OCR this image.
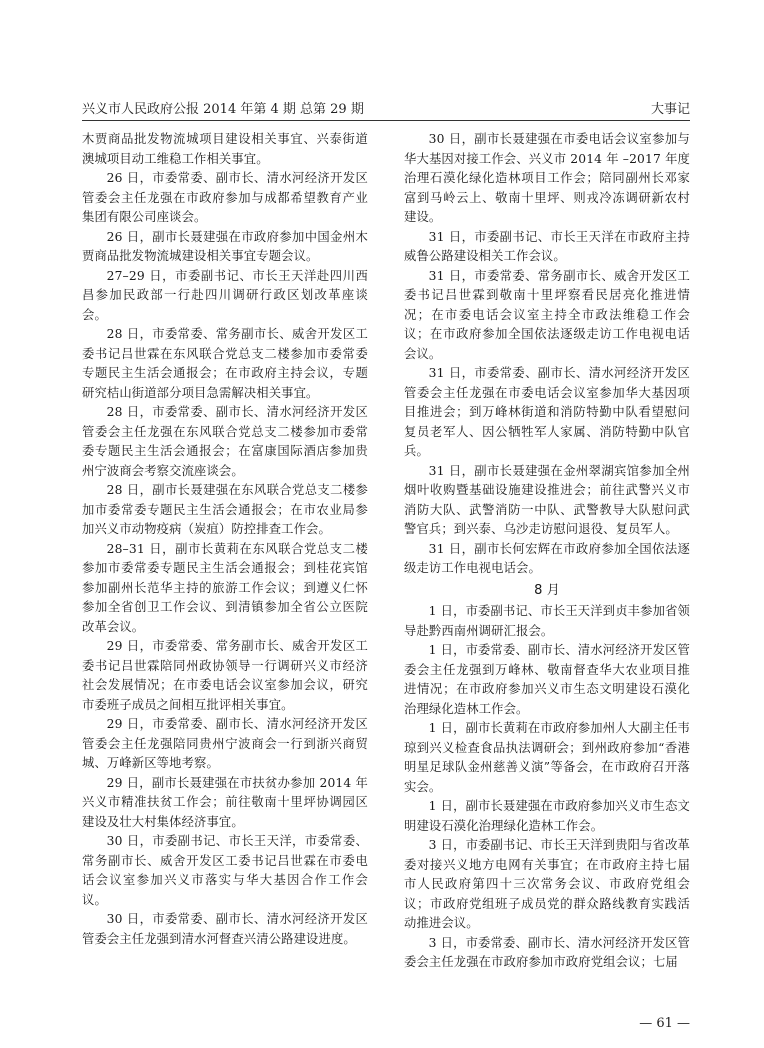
兴义市人民政府公报 2014 年第 4 期 总第 29 期	大事记

木贾商品批发物流城项目建设相关事宜、兴泰街道澳城项目动工维稳工作相关事宜。

26 日，市委常委、副市长、清水河经济开发区管委会主任龙强在市政府参加与成都希望教育产业集团有限公司座谈会。

26 日，副市长聂建强在市政府参加中国金州木贾商品批发物流城建设相关事宜专题会议。

27–29 日，市委副书记、市长王天洋赴四川西昌参加民政部一行赴四川调研行政区划改革座谈会。

28 日，市委常委、常务副市长、威舍开发区工委书记吕世霖在东风联合党总支二楼参加市委常委专题民主生活会通报会；在市政府主持会议，专题研究桔山街道部分项目急需解决相关事宜。

28 日，市委常委、副市长、清水河经济开发区管委会主任龙强在东风联合党总支二楼参加市委常委专题民主生活会通报会；在富康国际酒店参加贵州宁波商会考察交流座谈会。

28 日，副市长聂建强在东风联合党总支二楼参加市委常委专题民主生活会通报会；在市农业局参加兴义市动物疫病（炭疽）防控排查工作会。

28–31 日，副市长黄莉在东风联合党总支二楼参加市委常委专题民主生活会通报会；到桂花宾馆参加副州长范华主持的旅游工作会议；到遵义仁怀参加全省创卫工作会议、到清镇参加全省公立医院改革会议。

29 日，市委常委、常务副市长、威舍开发区工委书记吕世霖陪同州政协领导一行调研兴义市经济社会发展情况；在市委电话会议室参加会议，研究市委班子成员之间相互批评相关事宜。

29 日，市委常委、副市长、清水河经济开发区管委会主任龙强陪同贵州宁波商会一行到浙兴商贸城、万峰新区等地考察。

29 日，副市长聂建强在市扶贫办参加 2014 年兴义市精准扶贫工作会；前往敬南十里坪协调园区建设及壮大村集体经济事宜。

30 日，市委副书记、市长王天洋，市委常委、常务副市长、威舍开发区工委书记吕世霖在市委电话会议室参加兴义市落实与华大基因合作工作会议。

30 日，市委常委、副市长、清水河经济开发区管委会主任龙强到清水河督查兴清公路建设进度。

30 日，副市长聂建强在市委电话会议室参加与华大基因对接工作会、兴义市 2014 年 –2017 年度治理石漠化绿化造林项目工作会；陪同副州长邓家富到马岭云上、敬南十里坪、则戎冷冻调研新农村建设。

31 日，市委副书记、市长王天洋在市政府主持威鲁公路建设相关工作会议。

31 日，市委常委、常务副市长、威舍开发区工委书记吕世霖到敬南十里坪察看民居亮化推进情况；在市委电话会议室主持全市政法维稳工作会议；在市政府参加全国依法逐级走访工作电视电话会议。

31 日，市委常委、副市长、清水河经济开发区管委会主任龙强在市委电话会议室参加华大基因项目推进会；到万峰林街道和消防特勤中队看望慰问复员老军人、因公牺牲军人家属、消防特勤中队官兵。

31 日，副市长聂建强在金州翠湖宾馆参加全州烟叶收购暨基础设施建设推进会；前往武警兴义市消防大队、武警消防一中队、武警教导大队慰问武警官兵；到兴泰、乌沙走访慰问退役、复员军人。

31 日，副市长何宏辉在市政府参加全国依法逐级走访工作电视电话会。

8 月

1 日，市委副书记、市长王天洋到贞丰参加省领导赴黔西南州调研汇报会。

1 日，市委常委、副市长、清水河经济开发区管委会主任龙强到万峰林、敬南督查华大农业项目推进情况；在市政府参加兴义市生态文明建设石漠化治理绿化造林工作会。

1 日，副市长黄莉在市政府参加州人大副主任韦琼到兴义检查食品执法调研会；到州政府参加“香港明星足球队金州慈善义演”等备会，在市政府召开落实会。

1 日，副市长聂建强在市政府参加兴义市生态文明建设石漠化治理绿化造林工作会。

3 日，市委副书记、市长王天洋到贵阳与省改革委对接兴义地方电网有关事宜；在市政府主持七届市人民政府第四十三次常务会议、市政府党组会议；市政府党组班子成员党的群众路线教育实践活动推进会议。

3 日，市委常委、副市长、清水河经济开发区管委会主任龙强在市政府参加市政府党组会议；七届

— 61 —
